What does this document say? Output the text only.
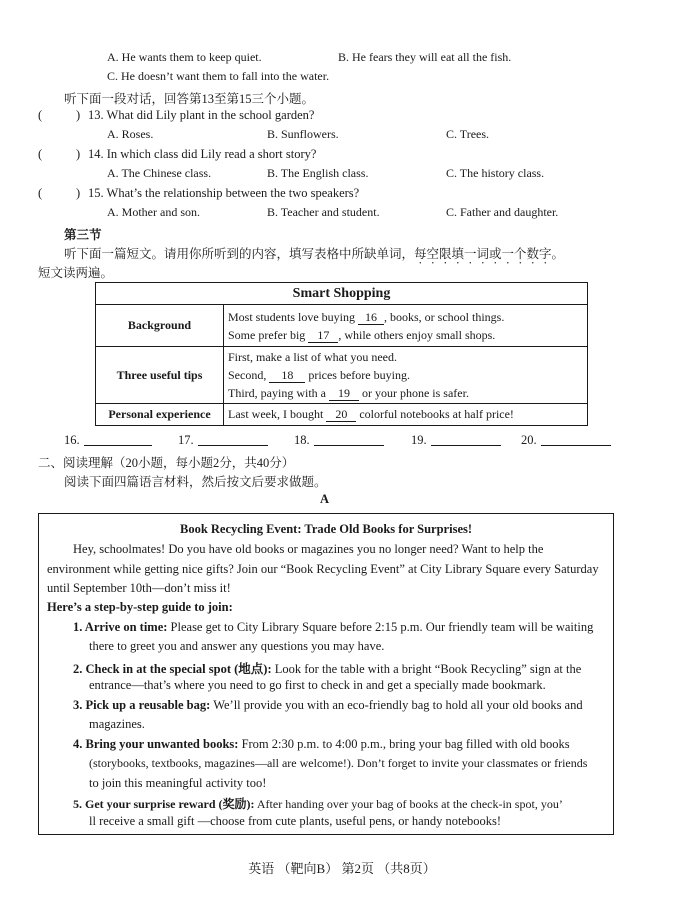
A. He wants them to keep quiet.	B. He fears they will eat all the fish.
C. He doesn’t want them to fall into the water.
听下面一段对话，回答第13至第15三个小题。
(	) 13. What did Lily plant in the school garden?
A. Roses.	B. Sunflowers.	C. Trees.
(	) 14. In which class did Lily read a short story?
A. The Chinese class.	B. The English class.	C. The history class.
(	) 15. What’s the relationship between the two speakers?
A. Mother and son.	B. Teacher and student.	C. Father and daughter.
第三节
听下面一篇短文。请用你所听到的内容，填写表格中所缺单词，每空限填一词或一个数字。
短文读两遍。
Smart Shopping	
Background	Most students love buying 16 , books, or school things.
Some prefer big 17 , while others enjoy small shops.

Three useful tips	First, make a list of what you need.
Second, 18 prices before buying.
Third, paying with a 19 or your phone is safer.

Personal experience	Last week, I bought 20 colorful notebooks at half price!
16.	17.	18.	19.	20.
二、阅读理解（20小题，每小题2分，共40分）
阅读下面四篇语言材料，然后按文后要求做题。
A
Book Recycling Event: Trade Old Books for Surprises!
Hey, schoolmates! Do you have old books or magazines you no longer need? Want to help the
environment while getting nice gifts? Join our “Book Recycling Event” at City Library Square every Saturday
until September 10th—don’t miss it!
Here’s a step-by-step guide to join:
1. Arrive on time: Please get to City Library Square before 2:15 p.m. Our friendly team will be waiting
there to greet you and answer any questions you may have.
2. Check in at the special spot (地点): Look for the table with a bright “Book Recycling” sign at the
entrance—that’s where you need to go first to check in and get a specially made bookmark.
3. Pick up a reusable bag: We’ll provide you with an eco-friendly bag to hold all your old books and
magazines.
4. Bring your unwanted books: From 2:30 p.m. to 4:00 p.m., bring your bag filled with old books
(storybooks, textbooks, magazines—all are welcome!). Don’t forget to invite your classmates or friends
to join this meaningful activity too!
5. Get your surprise reward (奖励): After handing over your bag of books at the check-in spot, you’
ll receive a small gift —choose from cute plants, useful pens, or handy notebooks!
英语 （靶向B） 第2页 （共8页）
